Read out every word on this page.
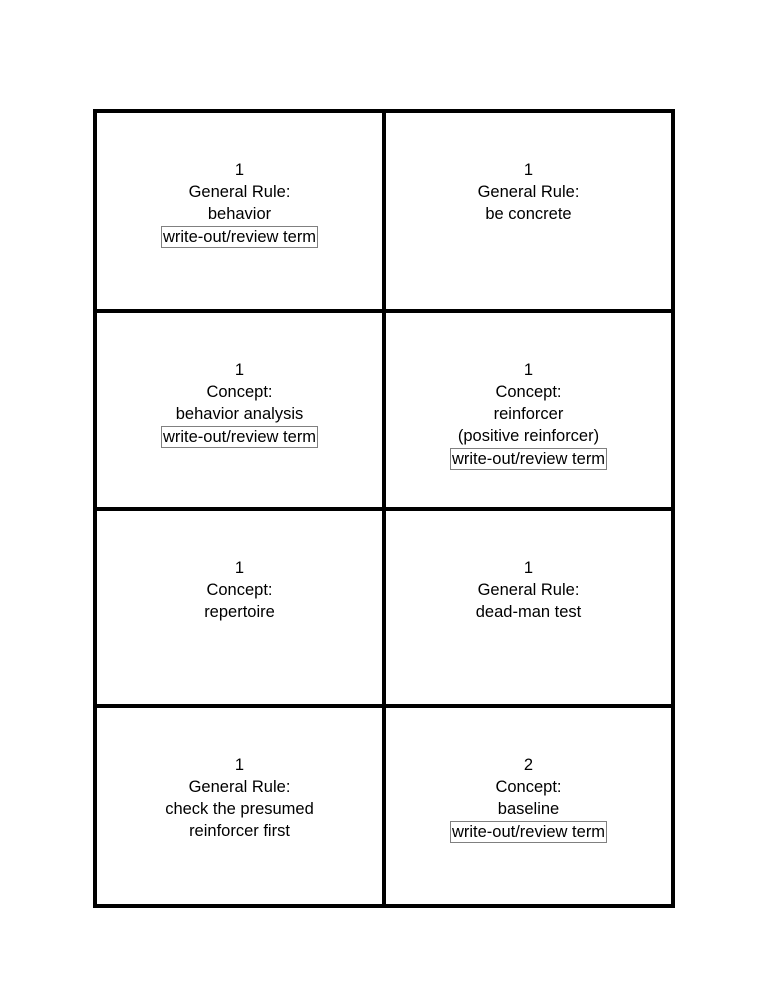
1
General Rule:
behavior
write-out/review term
1
General Rule:
be concrete
1
Concept:
behavior analysis
write-out/review term
1
Concept:
reinforcer
(positive reinforcer)
write-out/review term
1
Concept:
repertoire
1
General Rule:
dead-man test
1
General Rule:
check the presumed
reinforcer first
2
Concept:
baseline
write-out/review term
